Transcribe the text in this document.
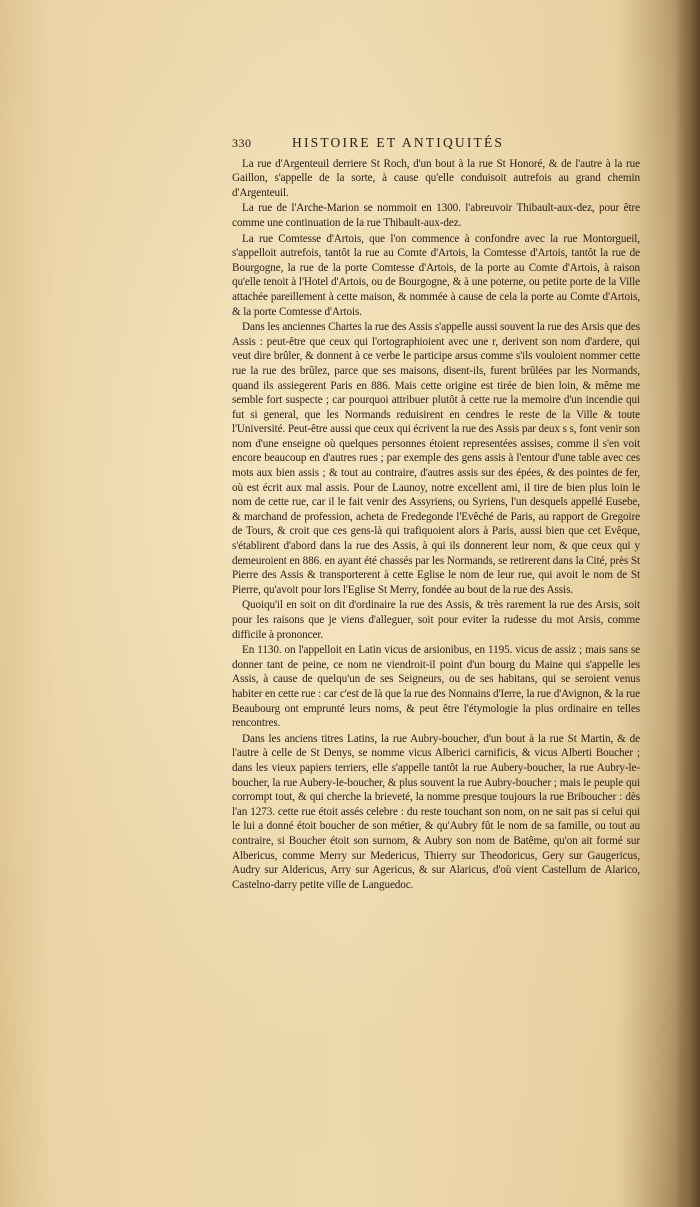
330	HISTOIRE ET ANTIQUITÉS

La rue d'Argenteuil derriere St Roch, d'un bout à la rue St Honoré, & de l'autre à la rue Gaillon, s'appelle de la sorte, à cause qu'elle conduisoit autrefois au grand chemin d'Argenteuil.

La rue de l'Arche-Marion se nommoit en 1300. l'abreuvoir Thibault-aux-dez, pour être comme une continuation de la rue Thibault-aux-dez.

La rue Comtesse d'Artois, que l'on commence à confondre avec la rue Montorgueil, s'appelloit autrefois, tantôt la rue au Comte d'Artois, la Comtesse d'Artois, tantôt la rue de Bourgogne, la rue de la porte Comtesse d'Artois, de la porte au Comte d'Artois, à raison qu'elle tenoit à l'Hotel d'Artois, ou de Bourgogne, & à une poterne, ou petite porte de la Ville attachée pareillement à cette maison, & nommée à cause de cela la porte au Comte d'Artois, & la porte Comtesse d'Artois.

Dans les anciennes Chartes la rue des Assis s'appelle aussi souvent la rue des Arsis que des Assis : peut-être que ceux qui l'ortographioient avec une r, derivent son nom d'ardere, qui veut dire brûler, & donnent à ce verbe le participe arsus comme s'ils vouloient nommer cette rue la rue des brûlez, parce que ses maisons, disent-ils, furent brûlées par les Normands, quand ils assiegerent Paris en 886. Mais cette origine est tirée de bien loin, & même me semble fort suspecte ; car pourquoi attribuer plutôt à cette rue la memoire d'un incendie qui fut si general, que les Normands reduisirent en cendres le reste de la Ville & toute l'Université. Peut-être aussi que ceux qui écrivent la rue des Assis par deux s s, font venir son nom d'une enseigne où quelques personnes étoient representées assises, comme il s'en voit encore beaucoup en d'autres rues ; par exemple des gens assis à l'entour d'une table avec ces mots aux bien assis ; & tout au contraire, d'autres assis sur des épées, & des pointes de fer, où est écrit aux mal assis. Pour de Launoy, notre excellent ami, il tire de bien plus loin le nom de cette rue, car il le fait venir des Assyriens, ou Syriens, l'un desquels appellé Eusebe, & marchand de profession, acheta de Fredegonde l'Evêché de Paris, au rapport de Gregoire de Tours, & croit que ces gens-là qui trafiquoient alors à Paris, aussi bien que cet Evêque, s'établirent d'abord dans la rue des Assis, à qui ils donnerent leur nom, & que ceux qui y demeuroient en 886. en ayant été chassés par les Normands, se retirerent dans la Cité, près St Pierre des Assis & transporterent à cette Eglise le nom de leur rue, qui avoit le nom de St Pierre, qu'avoit pour lors l'Eglise St Merry, fondée au bout de la rue des Assis.

Quoiqu'il en soit on dit d'ordinaire la rue des Assis, & très rarement la rue des Arsis, soit pour les raisons que je viens d'alleguer, soit pour eviter la rudesse du mot Arsis, comme difficile à prononcer.

En 1130. on l'appelloit en Latin vicus de arsionibus, en 1195. vicus de assiz ; mais sans se donner tant de peine, ce nom ne viendroit-il point d'un bourg du Maine qui s'appelle les Assis, à cause de quelqu'un de ses Seigneurs, ou de ses habitans, qui se seroient venus habiter en cette rue : car c'est de là que la rue des Nonnains d'Ierre, la rue d'Avignon, & la rue Beaubourg ont emprunté leurs noms, & peut être l'étymologie la plus ordinaire en telles rencontres.

Dans les anciens titres Latins, la rue Aubry-boucher, d'un bout à la rue St Martin, & de l'autre à celle de St Denys, se nomme vicus Alberici carnificis, & vicus Alberti Boucher ; dans les vieux papiers terriers, elle s'appelle tantôt la rue Aubery-boucher, la rue Aubry-le-boucher, la rue Aubery-le-boucher, & plus souvent la rue Aubry-boucher ; mais le peuple qui corrompt tout, & qui cherche la brieveté, la nomme presque toujours la rue Briboucher : dès l'an 1273. cette rue étoit assés celebre : du reste touchant son nom, on ne sait pas si celui qui le lui a donné étoit boucher de son métier, & qu'Aubry fût le nom de sa famille, ou tout au contraire, si Boucher étoit son surnom, & Aubry son nom de Batême, qu'on ait formé sur Albericus, comme Merry sur Medericus, Thierry sur Theodoricus, Gery sur Gaugericus, Audry sur Aldericus, Arry sur Agericus, & sur Alaricus, d'où vient Castellum de Alarico, Castelno-darry petite ville de Languedoc.
